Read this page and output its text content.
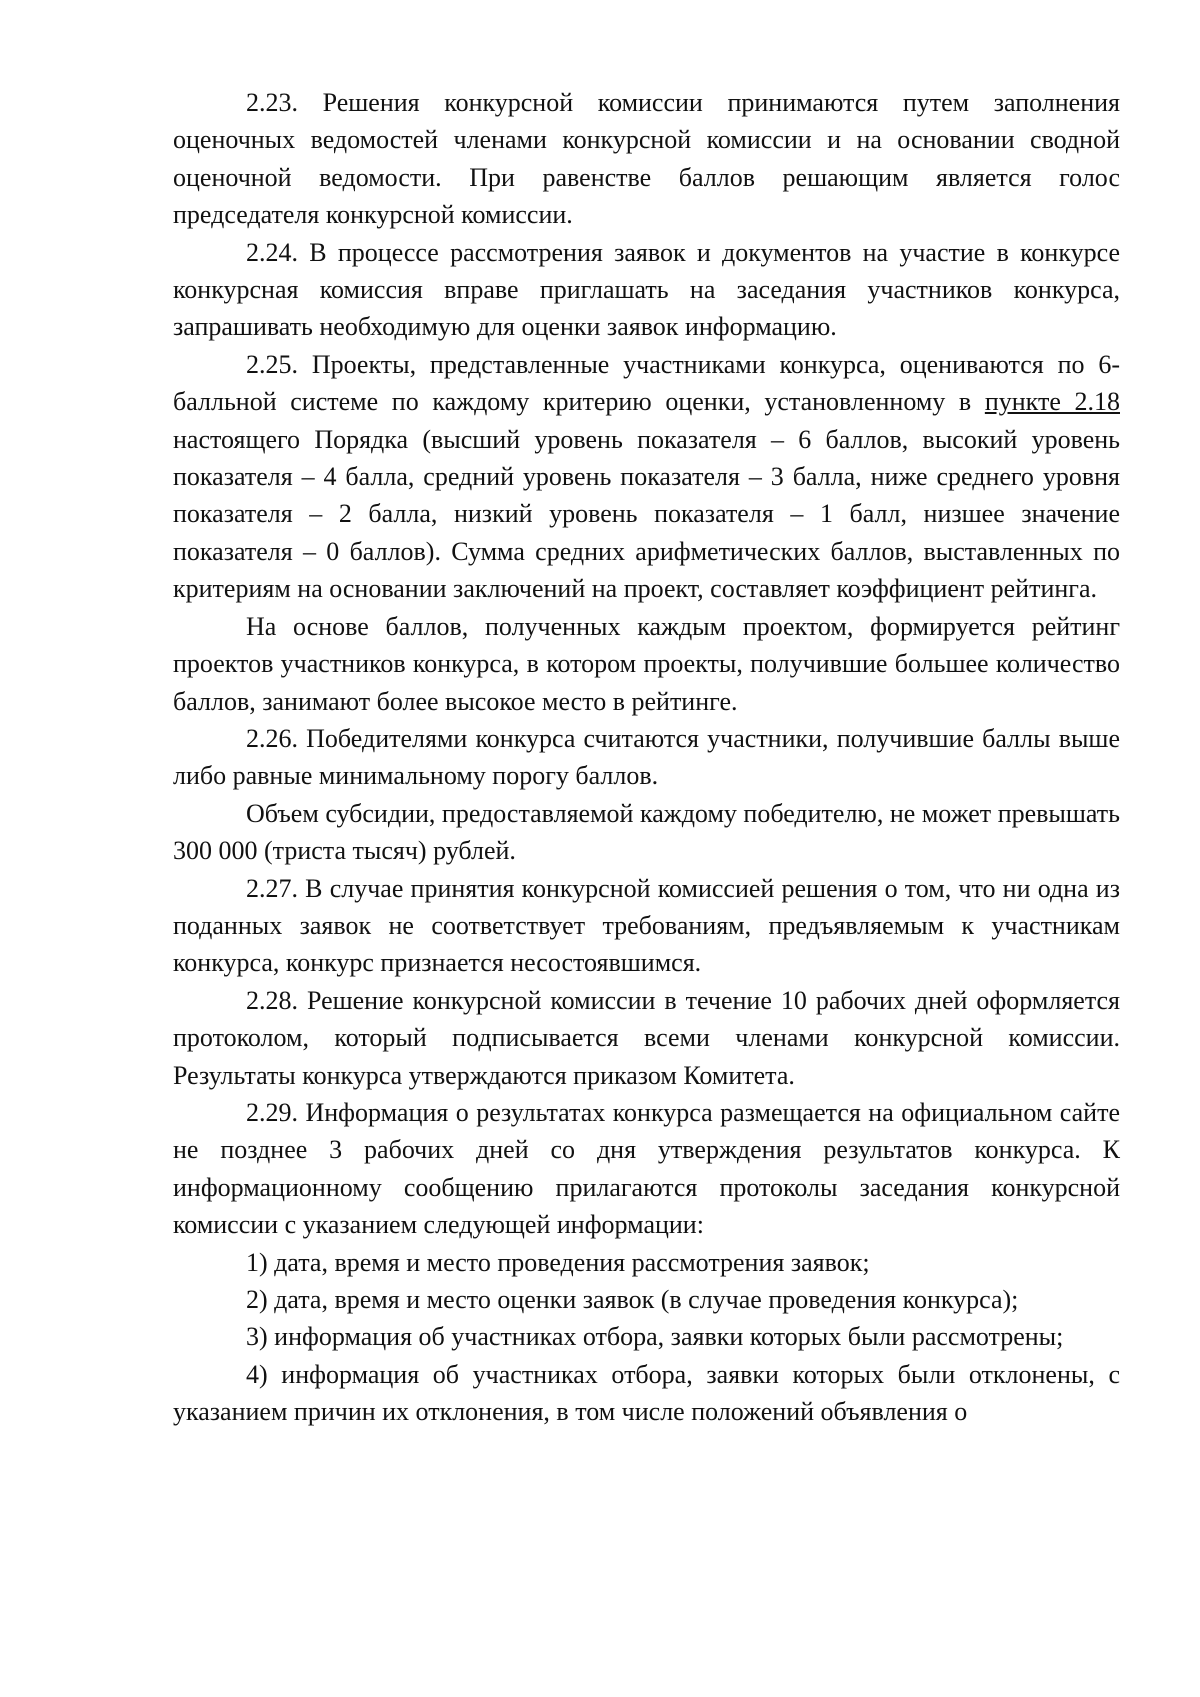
2.23. Решения конкурсной комиссии принимаются путем заполнения оценочных ведомостей членами конкурсной комиссии и на основании сводной оценочной ведомости. При равенстве баллов решающим является голос председателя конкурсной комиссии.

2.24. В процессе рассмотрения заявок и документов на участие в конкурсе конкурсная комиссия вправе приглашать на заседания участников конкурса, запрашивать необходимую для оценки заявок информацию.

2.25. Проекты, представленные участниками конкурса, оцениваются по 6-балльной системе по каждому критерию оценки, установленному в пункте 2.18 настоящего Порядка (высший уровень показателя – 6 баллов, высокий уровень показателя – 4 балла, средний уровень показателя – 3 балла, ниже среднего уровня показателя – 2 балла, низкий уровень показателя – 1 балл, низшее значение показателя – 0 баллов). Сумма средних арифметических баллов, выставленных по критериям на основании заключений на проект, составляет коэффициент рейтинга.

На основе баллов, полученных каждым проектом, формируется рейтинг проектов участников конкурса, в котором проекты, получившие большее количество баллов, занимают более высокое место в рейтинге.

2.26. Победителями конкурса считаются участники, получившие баллы выше либо равные минимальному порогу баллов.

Объем субсидии, предоставляемой каждому победителю, не может превышать 300 000 (триста тысяч) рублей.

2.27. В случае принятия конкурсной комиссией решения о том, что ни одна из поданных заявок не соответствует требованиям, предъявляемым к участникам конкурса, конкурс признается несостоявшимся.

2.28. Решение конкурсной комиссии в течение 10 рабочих дней оформляется протоколом, который подписывается всеми членами конкурсной комиссии. Результаты конкурса утверждаются приказом Комитета.

2.29. Информация о результатах конкурса размещается на официальном сайте не позднее 3 рабочих дней со дня утверждения результатов конкурса. К информационному сообщению прилагаются протоколы заседания конкурсной комиссии с указанием следующей информации:

1) дата, время и место проведения рассмотрения заявок;

2) дата, время и место оценки заявок (в случае проведения конкурса);

3) информация об участниках отбора, заявки которых были рассмотрены;

4) информация об участниках отбора, заявки которых были отклонены, с указанием причин их отклонения, в том числе положений объявления о
